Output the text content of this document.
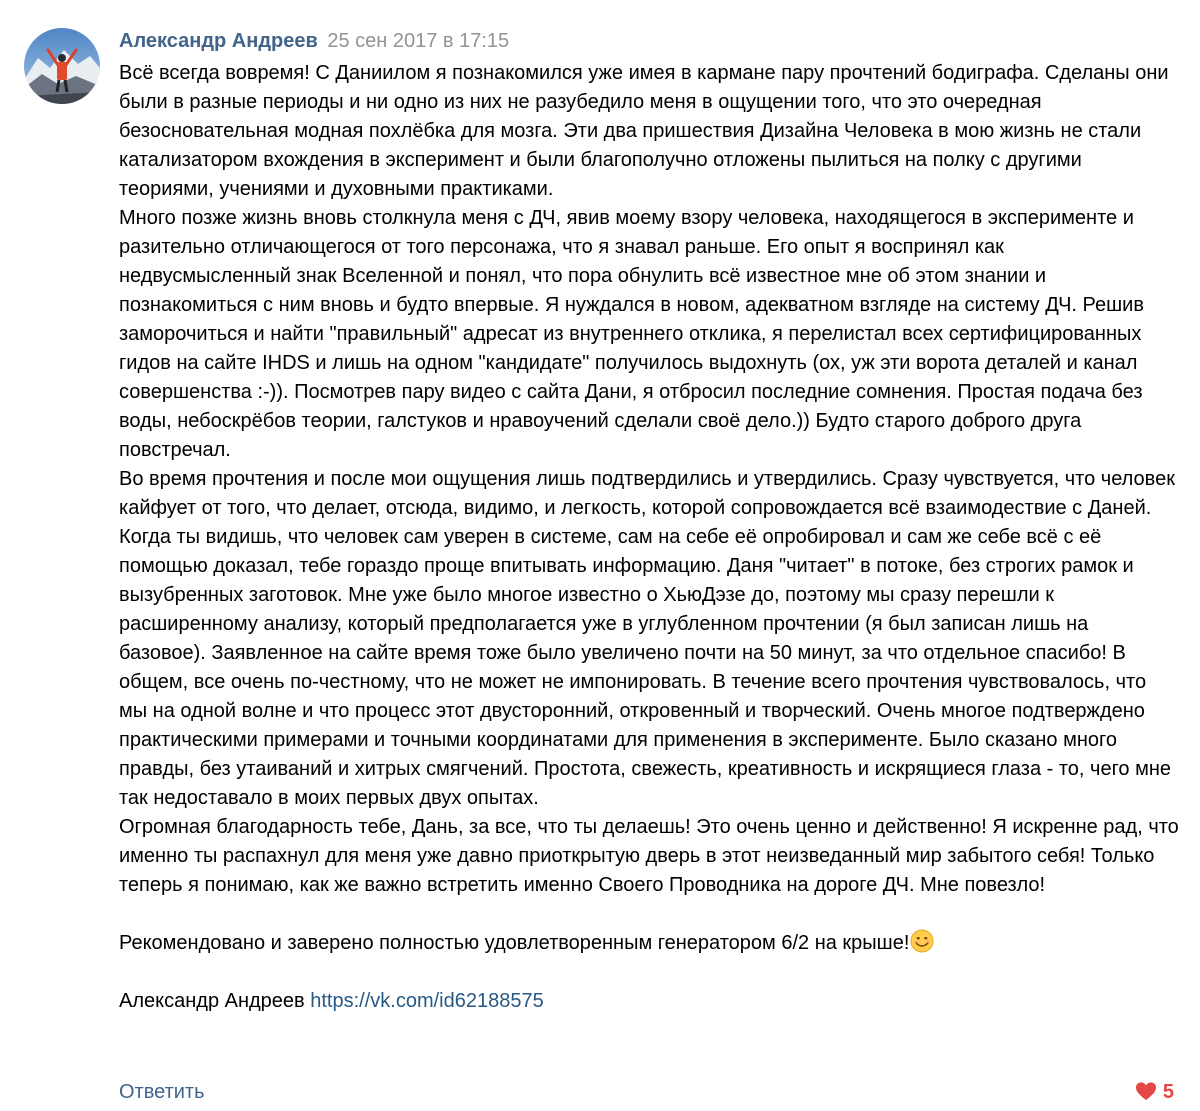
Александр Андреев 25 сен 2017 в 17:15

Всё всегда вовремя! С Даниилом я познакомился уже имея в кармане пару прочтений бодиграфа. Сделаны они были в разные периоды и ни одно из них не разубедило меня в ощущении того, что это очередная безосновательная модная похлёбка для мозга. Эти два пришествия Дизайна Человека в мою жизнь не стали катализатором вхождения в эксперимент и были благополучно отложены пылиться на полку с другими теориями, учениями и духовными практиками.

Много позже жизнь вновь столкнула меня с ДЧ, явив моему взору человека, находящегося в эксперименте и разительно отличающегося от того персонажа, что я знавал раньше. Его опыт я воспринял как недвусмысленный знак Вселенной и понял, что пора обнулить всё известное мне об этом знании и познакомиться с ним вновь и будто впервые. Я нуждался в новом, адекватном взгляде на систему ДЧ. Решив заморочиться и найти "правильный" адресат из внутреннего отклика, я перелистал всех сертифицированных гидов на сайте IHDS и лишь на одном "кандидате" получилось выдохнуть (ох, уж эти ворота деталей и канал совершенства :-)). Посмотрев пару видео с сайта Дани, я отбросил последние сомнения. Простая подача без воды, небоскрёбов теории, галстуков и нравоучений сделали своё дело.)) Будто старого доброго друга повстречал.

Во время прочтения и после мои ощущения лишь подтвердились и утвердились. Сразу чувствуется, что человек кайфует от того, что делает, отсюда, видимо, и легкость, которой сопровождается всё взаимодествие с Даней. Когда ты видишь, что человек сам уверен в системе, сам на себе её опробировал и сам же себе всё с её помощью доказал, тебе гораздо проще впитывать информацию. Даня "читает" в потоке, без строгих рамок и вызубренных заготовок. Мне уже было многое известно о ХьюДэзе до, поэтому мы сразу перешли к расширенному анализу, который предполагается уже в углубленном прочтении (я был записан лишь на базовое). Заявленное на сайте время тоже было увеличено почти на 50 минут, за что отдельное спасибо! В общем, все очень по-честному, что не может не импонировать. В течение всего прочтения чувствовалось, что мы на одной волне и что процесс этот двусторонний, откровенный и творческий. Очень многое подтверждено практическими примерами и точными координатами для применения в эксперименте. Было сказано много правды, без утаиваний и хитрых смягчений. Простота, свежесть, креативность и искрящиеся глаза - то, чего мне так недоставало в моих первых двух опытах.

Огромная благодарность тебе, Дань, за все, что ты делаешь! Это очень ценно и действенно! Я искренне рад, что именно ты распахнул для меня уже давно приоткрытую дверь в этот неизведанный мир забытого себя! Только теперь я понимаю, как же важно встретить именно Своего Проводника на дороге ДЧ. Мне повезло!

Рекомендовано и заверено полностью удовлетворенным генератором 6/2 на крыше!

Александр Андреев https://vk.com/id62188575

Ответить	5
